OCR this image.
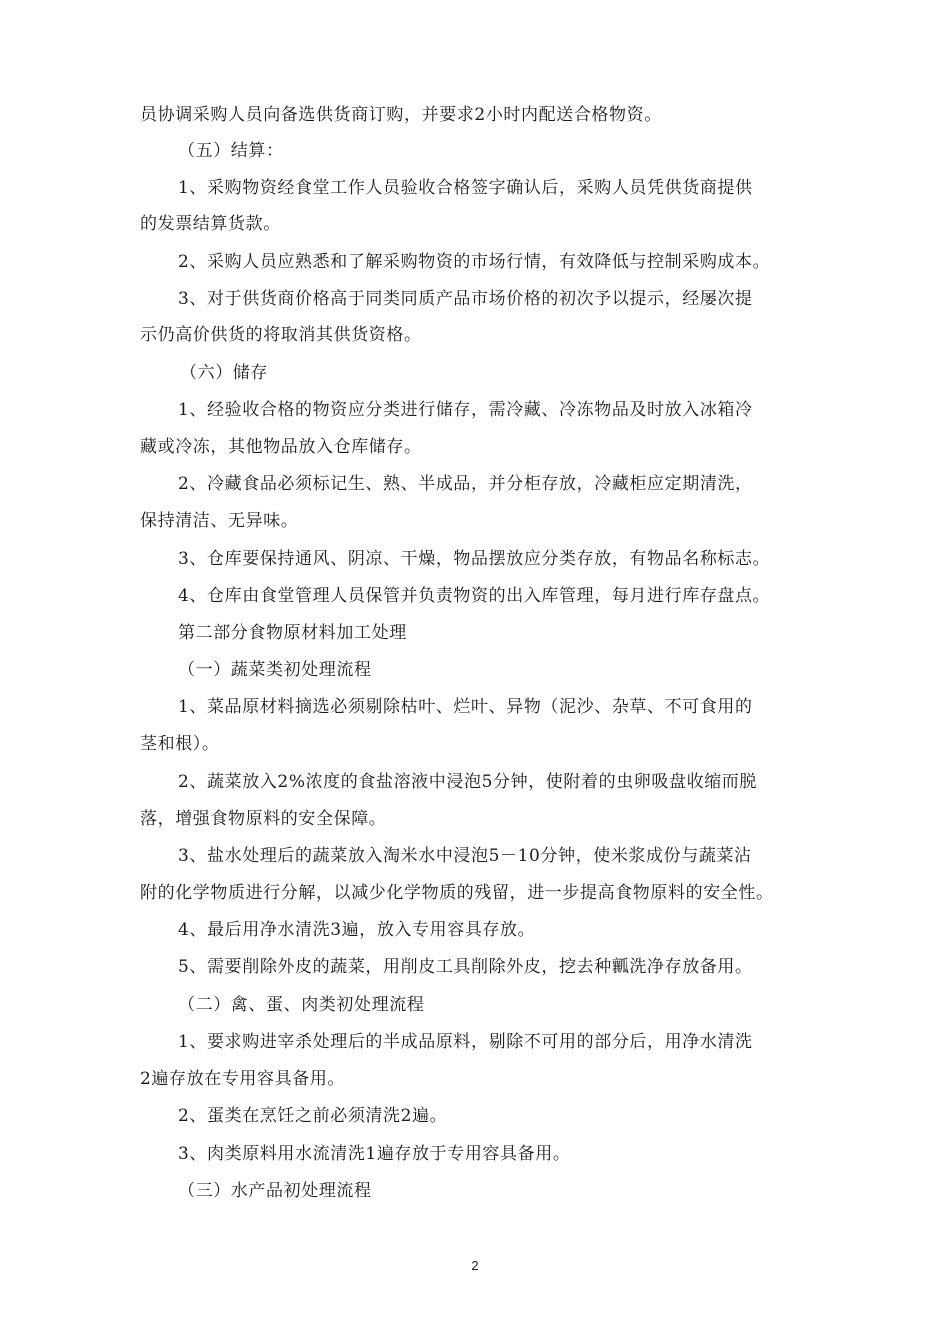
员协调采购人员向备选供货商订购，并要求2小时内配送合格物资。
（五）结算：
1、采购物资经食堂工作人员验收合格签字确认后，采购人员凭供货商提供
的发票结算货款。
2、采购人员应熟悉和了解采购物资的市场行情，有效降低与控制采购成本。
3、对于供货商价格高于同类同质产品市场价格的初次予以提示，经屡次提
示仍高价供货的将取消其供货资格。
（六）储存
1、经验收合格的物资应分类进行储存，需冷藏、冷冻物品及时放入冰箱冷
藏或冷冻，其他物品放入仓库储存。
2、冷藏食品必须标记生、熟、半成品，并分柜存放，冷藏柜应定期清洗，
保持清洁、无异味。
3、仓库要保持通风、阴凉、干燥，物品摆放应分类存放，有物品名称标志。
4、仓库由食堂管理人员保管并负责物资的出入库管理，每月进行库存盘点。
第二部分食物原材料加工处理
（一）蔬菜类初处理流程
1、菜品原材料摘选必须剔除枯叶、烂叶、异物（泥沙、杂草、不可食用的
茎和根）。
2、蔬菜放入2%浓度的食盐溶液中浸泡5分钟，使附着的虫卵吸盘收缩而脱
落，增强食物原料的安全保障。
3、盐水处理后的蔬菜放入淘米水中浸泡5－10分钟，使米浆成份与蔬菜沾
附的化学物质进行分解，以减少化学物质的残留，进一步提高食物原料的安全性。
4、最后用净水清洗3遍，放入专用容具存放。
5、需要削除外皮的蔬菜，用削皮工具削除外皮，挖去种瓤洗净存放备用。
（二）禽、蛋、肉类初处理流程
1、要求购进宰杀处理后的半成品原料，剔除不可用的部分后，用净水清洗
2遍存放在专用容具备用。
2、蛋类在烹饪之前必须清洗2遍。
3、肉类原料用水流清洗1遍存放于专用容具备用。
（三）水产品初处理流程
2
